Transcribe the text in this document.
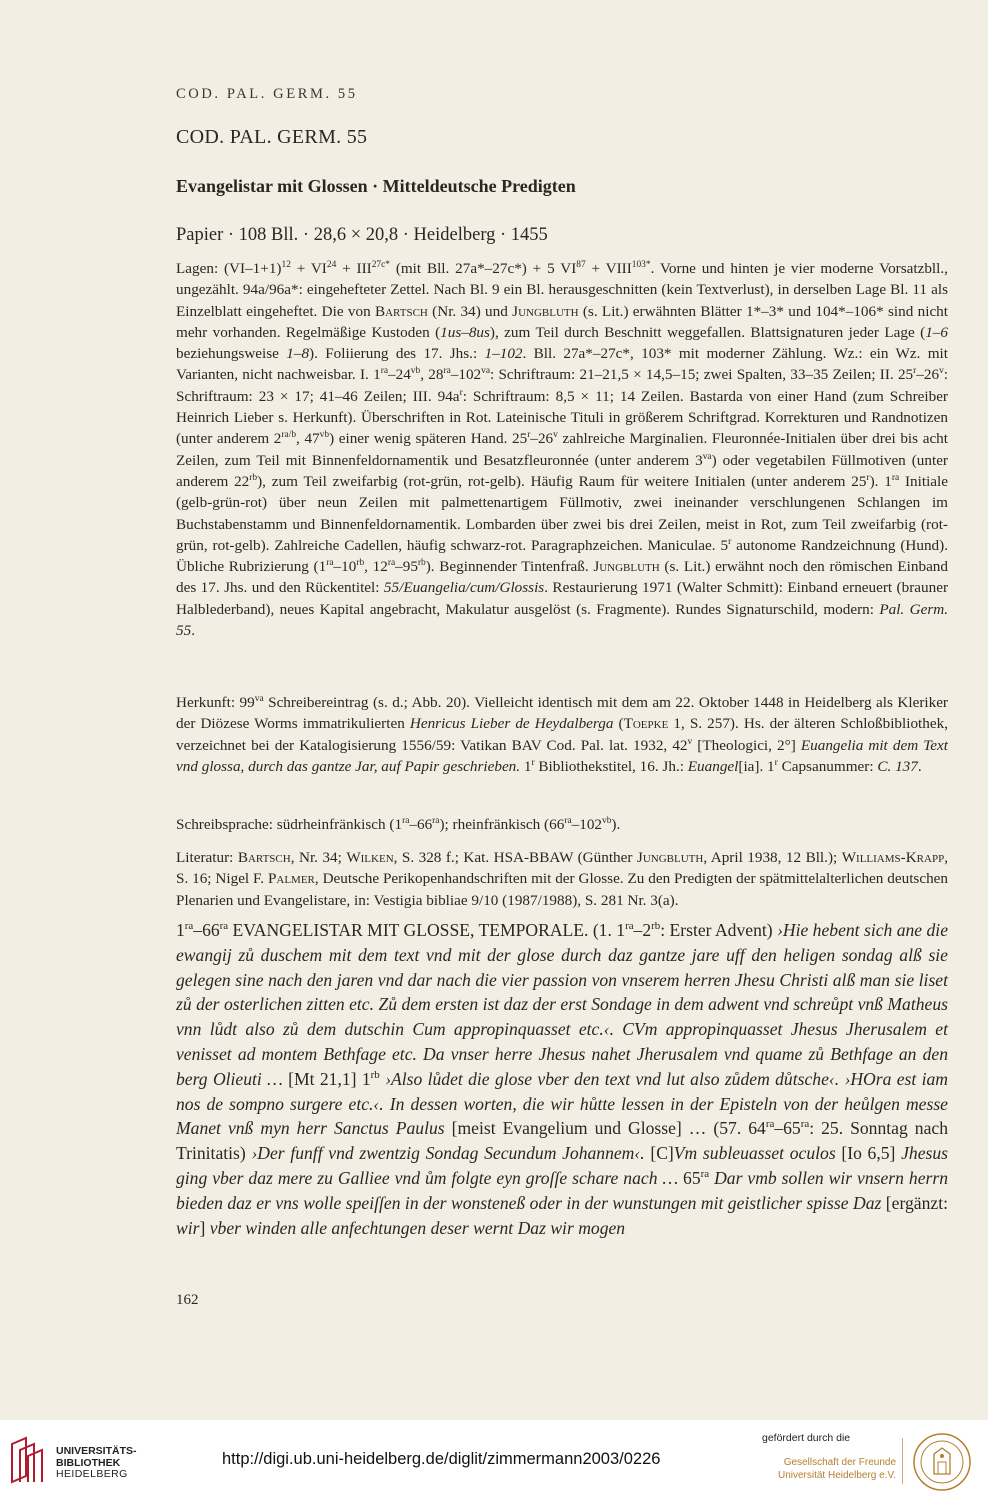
COD. PAL. GERM. 55
COD. PAL. GERM. 55
Evangelistar mit Glossen · Mitteldeutsche Predigten
Papier · 108 Bll. · 28,6 × 20,8 · Heidelberg · 1455

Lagen: $(VI-1+1)^{12} + VI^{24} + III^{27c*}$ (mit Bll. 27a*–27c*) + 5 $VI^{87}$ + $VIII^{103*}$. Vorne und hinten je vier moderne Vorsatzbll., ungezählt. 94a/96a*: eingehefteter Zettel. Nach Bl. 9 ein Bl. herausgeschnitten (kein Textverlust), in derselben Lage Bl. 11 als Einzelblatt eingeheftet. Die von Bartsch (Nr. 34) und Jungbluth (s. Lit.) erwähnten Blätter 1*–3* und 104*–106* sind nicht mehr vorhanden. Regelmäßige Kustoden (1us–8us), zum Teil durch Beschnitt weggefallen. Blattsignaturen jeder Lage (1–6 beziehungsweise 1–8). Foliierung des 17. Jhs.: 1–102. Bll. 27a*–27c*, 103* mit moderner Zählung. Wz.: ein Wz. mit Varianten, nicht nachweisbar. I. $1^{ra}-24^{vb}$, $28^{ra}-102^{va}$: Schriftraum: 21–21,5 × 14,5–15; zwei Spalten, 33–35 Zeilen; II. 25$^r$–26$^v$: Schriftraum: 23 × 17; 41–46 Zeilen; III. $94a^r$: Schriftraum: 8,5 × 11; 14 Zeilen. Bastarda von einer Hand (zum Schreiber Heinrich Lieber s. Herkunft). Überschriften in Rot. Lateinische Tituli in größerem Schriftgrad. Korrekturen und Randnotizen (unter anderem $2^{ra/b}$, $47^{vb}$) einer wenig späteren Hand. 25$^r$–26$^v$ zahlreiche Marginalien. Fleuronnée-Initialen über drei bis acht Zeilen, zum Teil mit Binnenfeldornamentik und Besatzfleuronnée (unter anderem $3^{va}$) oder vegetabilen Füllmotiven (unter anderem $22^{rb}$), zum Teil zweifarbig (rot-grün, rot-gelb). Häufig Raum für weitere Initialen (unter anderem 25$^r$). $1^{ra}$ Initiale (gelb-grün-rot) über neun Zeilen mit palmettenartigem Füllmotiv, zwei ineinander verschlungenen Schlangen im Buchstabenstamm und Binnenfeldornamentik. Lombarden über zwei bis drei Zeilen, meist in Rot, zum Teil zweifarbig (rot-grün, rot-gelb). Zahlreiche Cadellen, häufig schwarz-rot. Paragraphzeichen. Maniculae. 5$^r$ autonome Randzeichnung (Hund). Übliche Rubrizierung ($1^{ra}-10^{rb}$, $12^{ra}-95^{rb}$). Beginnender Tintenfraß. Jungbluth (s. Lit.) erwähnt noch den römischen Einband des 17. Jhs. und den Rückentitel: 55/Euangelia/cum/Glossis. Restaurierung 1971 (Walter Schmitt): Einband erneuert (brauner Halblederband), neues Kapital angebracht, Makulatur ausgelöst (s. Fragmente). Rundes Signaturschild, modern: Pal. Germ. 55.

Herkunft: $99^{va}$ Schreibereintrag (s. d.; Abb. 20). Vielleicht identisch mit dem am 22. Oktober 1448 in Heidelberg als Kleriker der Diözese Worms immatrikulierten Henricus Lieber de Heydalberga (Toepke 1, S. 257). Hs. der älteren Schloßbibliothek, verzeichnet bei der Katalogisierung 1556/59: Vatikan BAV Cod. Pal. lat. 1932, 42$^v$ [Theologici, 2°] Euangelia mit dem Text vnd glossa, durch das gantze Jar, auf Papir geschrieben. 1$^r$ Bibliothekstitel, 16. Jh.: Euangel[ia]. 1$^r$ Capsanummer: C. 137.

Schreibsprache: südrheinfränkisch $(1^{ra}-66^{ra})$; rheinfränkisch $(66^{ra}-102^{vb})$.

Literatur: Bartsch, Nr. 34; Wilken, S. 328 f.; Kat. HSA-BBAW (Günther Jungbluth, April 1938, 12 Bll.); Williams-Krapp, S. 16; Nigel F. Palmer, Deutsche Perikopenhandschriften mit der Glosse. Zu den Predigten der spätmittelalterlichen deutschen Plenarien und Evangelistare, in: Vestigia bibliae 9/10 (1987/1988), S. 281 Nr. 3(a).

$1^{ra}-66^{ra}$ EVANGELISTAR MIT GLOSSE, TEMPORALE. (1. $1^{ra}-2^{rb}$: Erster Advent) ›Hie hebent sich ane die ewangij zů duschem mit dem text vnd mit der glose durch daz gantze jare uff den heligen sondag alß sie gelegen sine nach den jaren vnd dar nach die vier passion von vnserem herren Jhesu Christi alß man sie liset zů der osterlichen zitten etc. Zů dem ersten ist daz der erst Sondage in dem adwent vnd schreůpt vnß Matheus vnn lůdt also zů dem dutschin Cum appropinquasset etc.‹. CVm appropinquasset Jhesus Jherusalem et venisset ad montem Bethfage etc. Da vnser herre Jhesus nahet Jherusalem vnd quame zů Bethfage an den berg Olieuti … [Mt 21,1] $1^{rb}$ ›Also lůdet die glose vber den text vnd lut also zůdem důtsche‹. ›HOra est iam nos de sompno surgere etc.‹. In dessen worten, die wir hůtte lessen in der Episteln von der heůlgen messe Manet vnß myn herr Sanctus Paulus [meist Evangelium und Glosse] … (57. $64^{ra}-65^{ra}$: 25. Sonntag nach Trinitatis) ›Der funff vnd zwentzig Sondag Secundum Johannem‹. [C]Vm subleuasset oculos [Io 6,5] Jhesus ging vber daz mere zu Galliee vnd ům folgte eyn groſſe schare nach … $65^{ra}$ Dar vmb sollen wir vnsern herrn bieden daz er vns wolle speiſſen in der wonsteneß oder in der wunstungen mit geistlicher spisse Daz [ergänzt: wir] vber winden alle anfechtungen deser wernt Daz wir mogen

162
UNIVERSITÄTS-
BIBLIOTHEK
HEIDELBERG
http://digi.ub.uni-heidelberg.de/diglit/zimmermann2003/0226
gefördert durch die
Gesellschaft der Freunde
Universität Heidelberg e.V.
